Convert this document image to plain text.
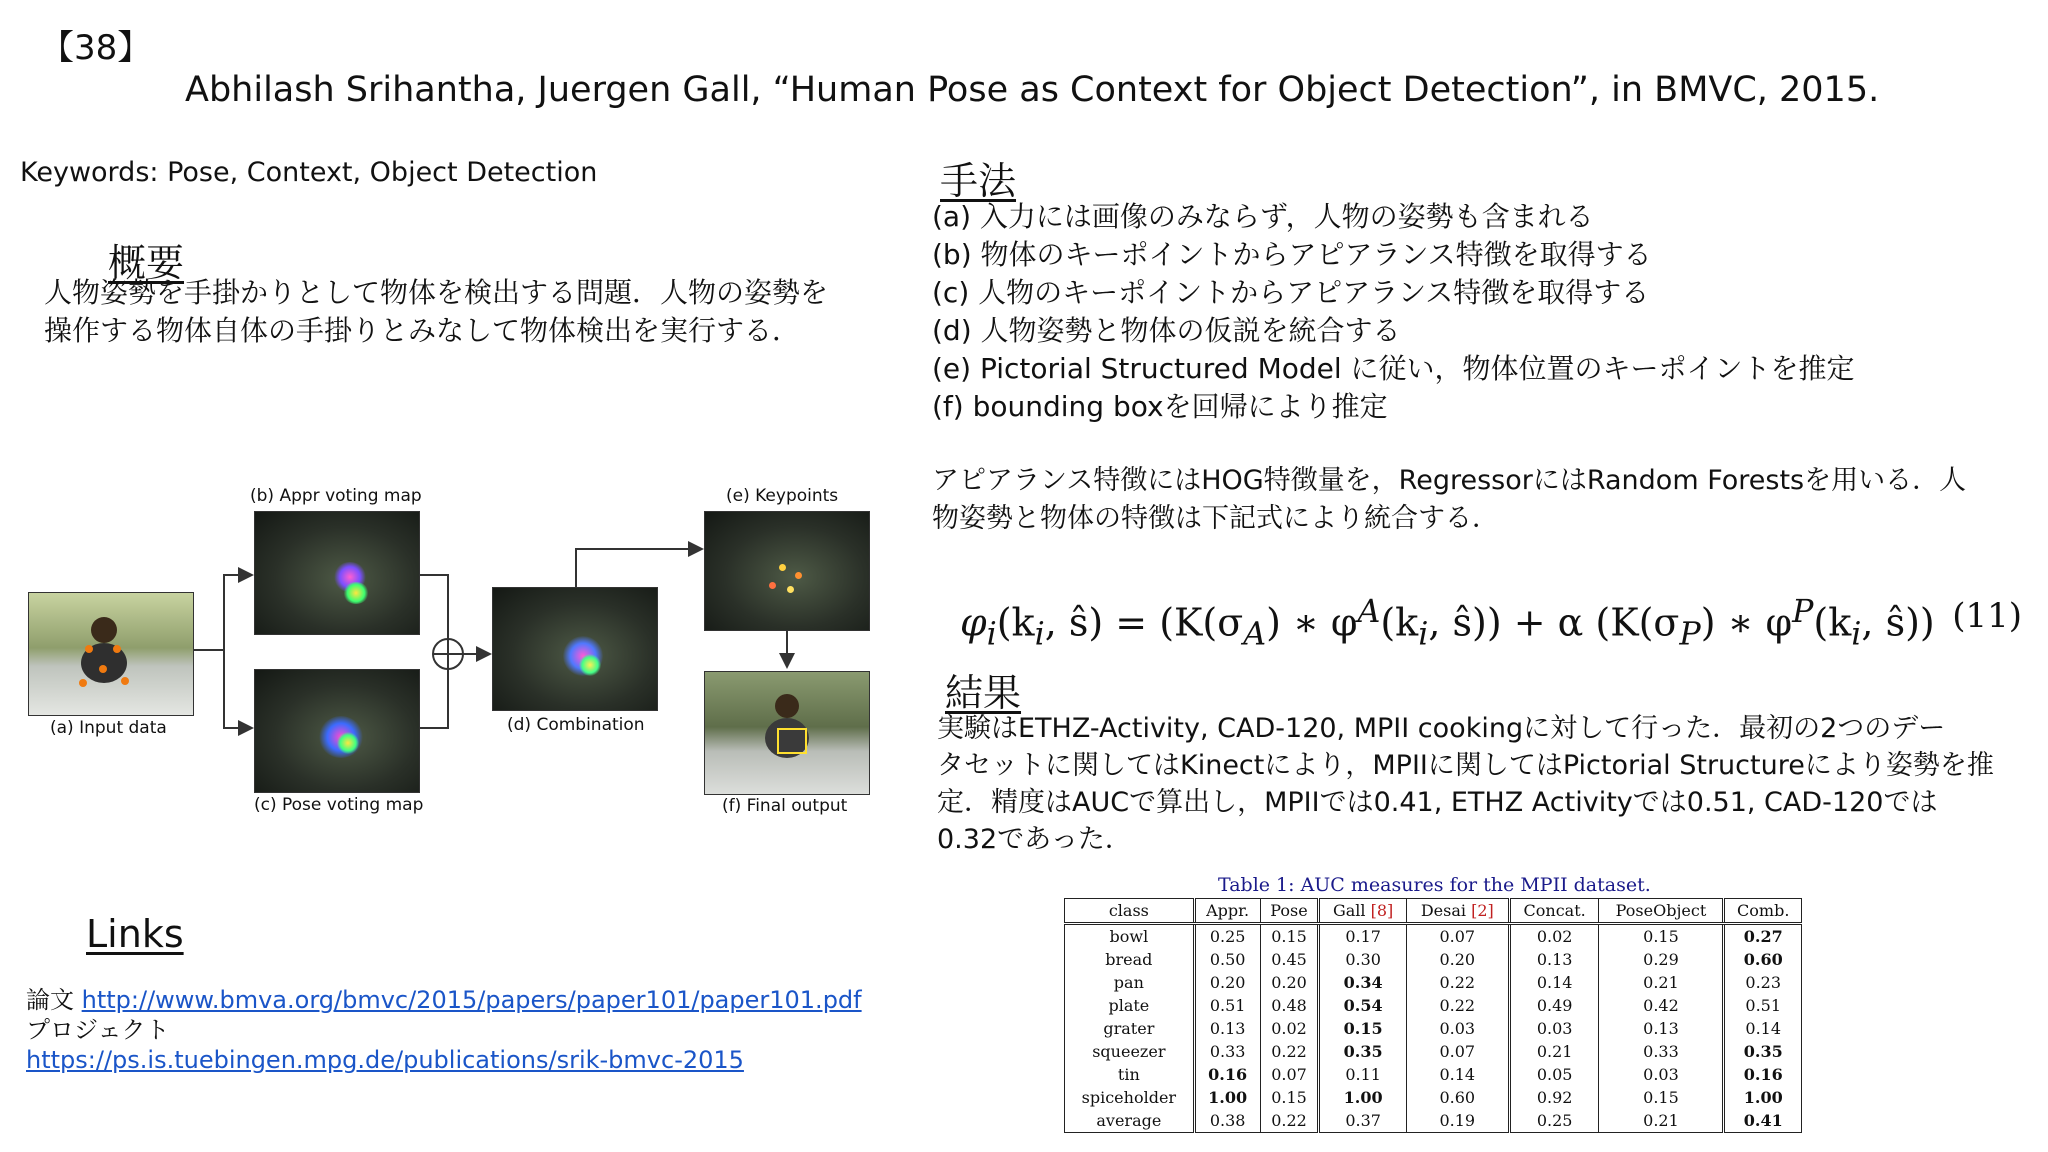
【38】
Abhilash Srihantha, Juergen Gall, “Human Pose as Context for Object Detection”, in BMVC, 2015.
Keywords: Pose, Context, Object Detection
概要
人物姿勢を手掛かりとして物体を検出する問題．人物の姿勢を
操作する物体自体の手掛りとみなして物体検出を実行する．
手法
(a) 入力には画像のみならず，人物の姿勢も含まれる
(b) 物体のキーポイントからアピアランス特徴を取得する
(c) 人物のキーポイントからアピアランス特徴を取得する
(d) 人物姿勢と物体の仮説を統合する
(e) Pictorial Structured Model に従い，物体位置のキーポイントを推定
(f) bounding boxを回帰により推定
アピアランス特徴にはHOG特徴量を，RegressorにはRandom Forestsを用いる．人
物姿勢と物体の特徴は下記式により統合する．
$\varphi_i(k_i$, ŝ) = ($K(\sigma_A)$ ∗ $\varphi^A(k_i$, ŝ)) + α ($K(\sigma_P)$ ∗ $\varphi^P(k_i$, ŝ)) (11)
結果
実験はETHZ-Activity, CAD-120, MPII cookingに対して行った．最初の2つのデー
タセットに関してはKinectにより，MPIIに関してはPictorial Structureにより姿勢を推
定．精度はAUCで算出し，MPIIでは0.41, ETHZ Activityでは0.51, CAD-120では
0.32であった．
(a) Input data
(b) Appr voting map
(c) Pose voting map
(d) Combination
(e) Keypoints
(f) Final output
Table 1: AUC measures for the MPII dataset.
class	Appr.	Pose	Gall [8]	Desai [2]	Concat.	PoseObject	Comb.
bowl	0.25	0.15	0.17	0.07	0.02	0.15	0.27
bread	0.50	0.45	0.30	0.20	0.13	0.29	0.60
pan	0.20	0.20	0.34	0.22	0.14	0.21	0.23
plate	0.51	0.48	0.54	0.22	0.49	0.42	0.51
grater	0.13	0.02	0.15	0.03	0.03	0.13	0.14
squeezer	0.33	0.22	0.35	0.07	0.21	0.33	0.35
tin	0.16	0.07	0.11	0.14	0.05	0.03	0.16
spiceholder	1.00	0.15	1.00	0.60	0.92	0.15	1.00
average	0.38	0.22	0.37	0.19	0.25	0.21	0.41
Links
論文 http://www.bmva.org/bmvc/2015/papers/paper101/paper101.pdf
プロジェクト
https://ps.is.tuebingen.mpg.de/publications/srik-bmvc-2015
